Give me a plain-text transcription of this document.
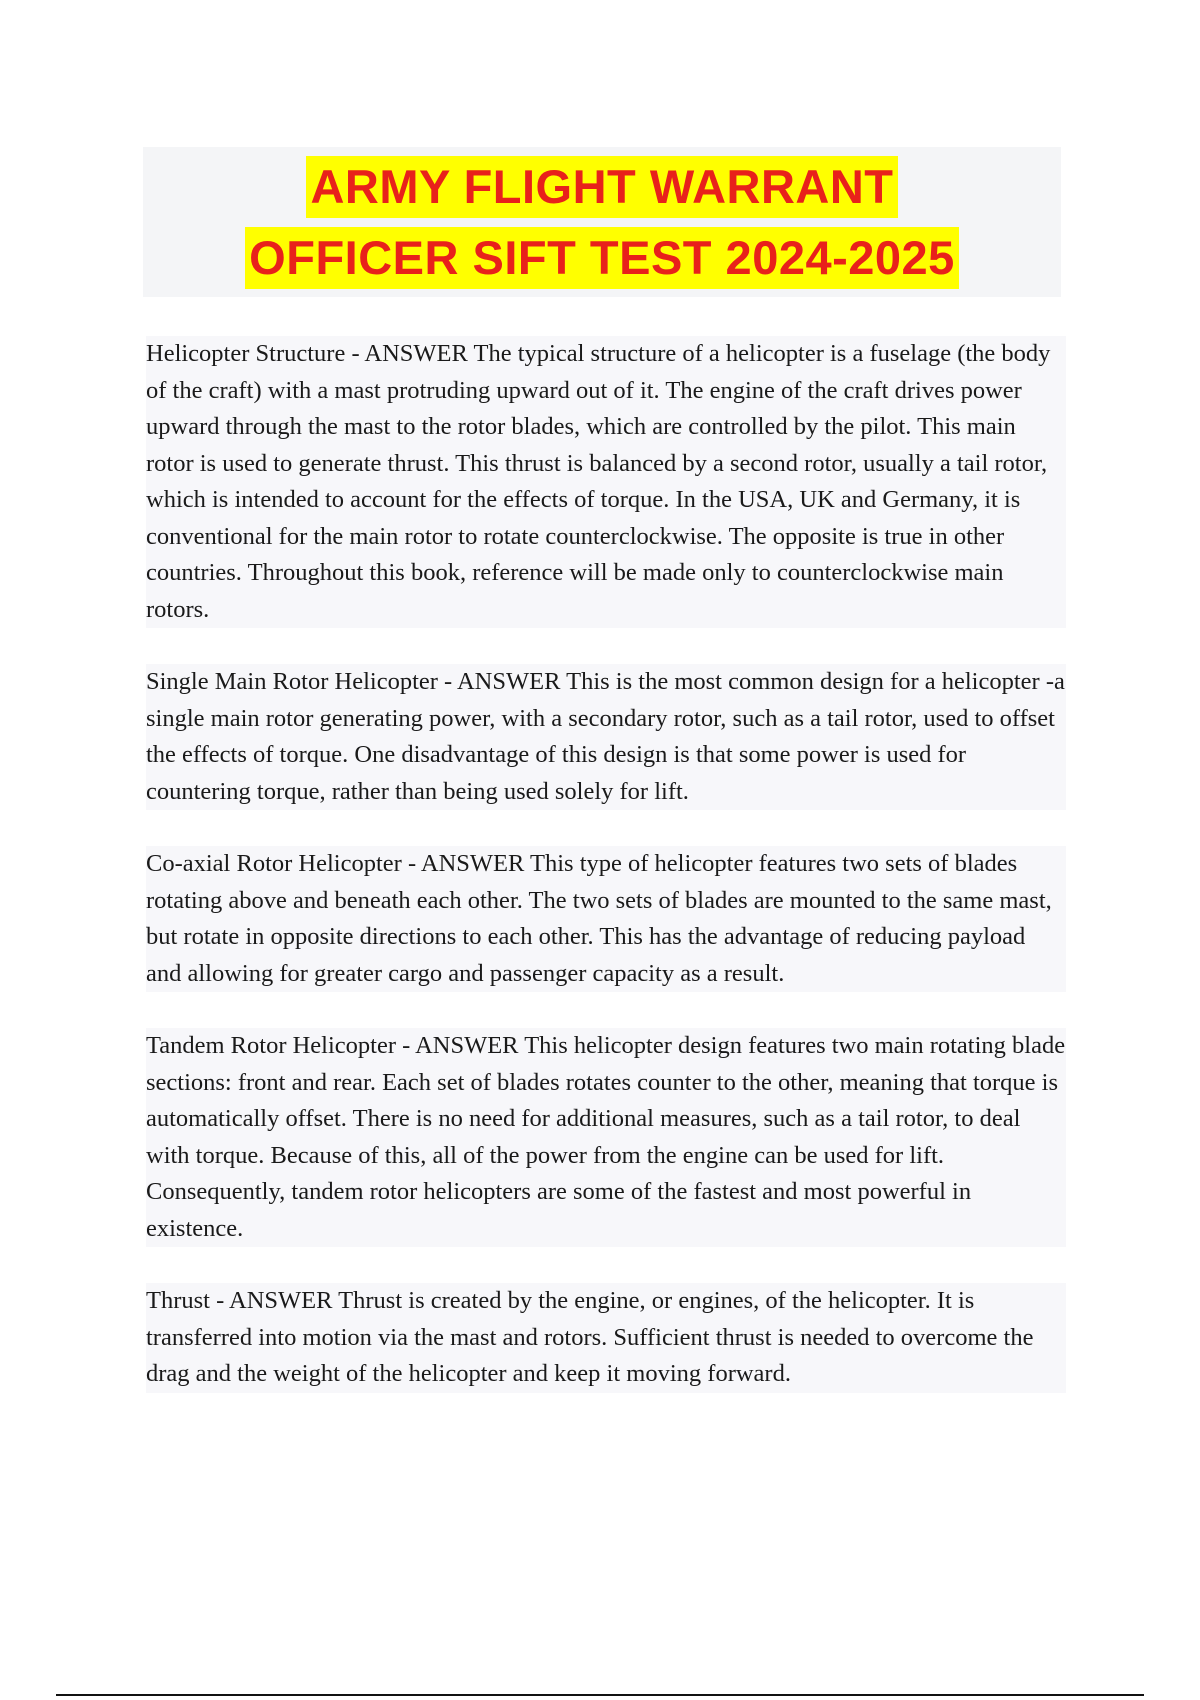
ARMY FLIGHT WARRANT
OFFICER SIFT TEST 2024-2025

Helicopter Structure - ANSWER The typical structure of a helicopter is a fuselage (the body of the craft) with a mast protruding upward out of it. The engine of the craft drives power upward through the mast to the rotor blades, which are controlled by the pilot. This main rotor is used to generate thrust. This thrust is balanced by a second rotor, usually a tail rotor, which is intended to account for the effects of torque. In the USA, UK and Germany, it is conventional for the main rotor to rotate counterclockwise. The opposite is true in other countries. Throughout this book, reference will be made only to counterclockwise main rotors.

Single Main Rotor Helicopter - ANSWER This is the most common design for a helicopter -a single main rotor generating power, with a secondary rotor, such as a tail rotor, used to offset the effects of torque. One disadvantage of this design is that some power is used for countering torque, rather than being used solely for lift.

Co-axial Rotor Helicopter - ANSWER This type of helicopter features two sets of blades rotating above and beneath each other. The two sets of blades are mounted to the same mast, but rotate in opposite directions to each other. This has the advantage of reducing payload and allowing for greater cargo and passenger capacity as a result.

Tandem Rotor Helicopter - ANSWER This helicopter design features two main rotating blade sections: front and rear. Each set of blades rotates counter to the other, meaning that torque is automatically offset. There is no need for additional measures, such as a tail rotor, to deal with torque. Because of this, all of the power from the engine can be used for lift. Consequently, tandem rotor helicopters are some of the fastest and most powerful in existence.

Thrust - ANSWER Thrust is created by the engine, or engines, of the helicopter. It is transferred into motion via the mast and rotors. Sufficient thrust is needed to overcome the drag and the weight of the helicopter and keep it moving forward.
